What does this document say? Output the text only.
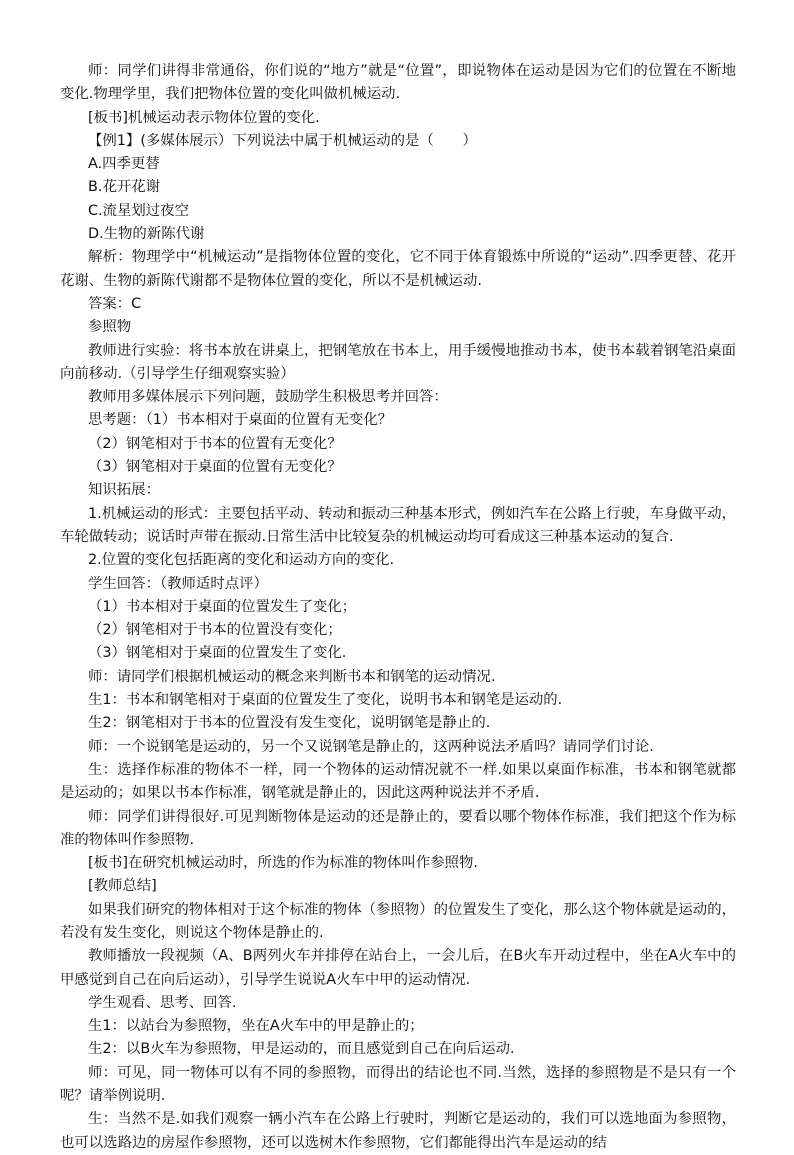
师：同学们讲得非常通俗，你们说的“地方”就是“位置”，即说物体在运动是因为它们的位置在不断地变化.物理学里，我们把物体位置的变化叫做机械运动.

[板书]机械运动表示物体位置的变化.

【例1】(多媒体展示）下列说法中属于机械运动的是（　　）

A.四季更替

B.花开花谢

C.流星划过夜空

D.生物的新陈代谢

解析：物理学中“机械运动”是指物体位置的变化，它不同于体育锻炼中所说的“运动”.四季更替、花开花谢、生物的新陈代谢都不是物体位置的变化，所以不是机械运动.

答案：C

参照物

教师进行实验：将书本放在讲桌上，把钢笔放在书本上，用手缓慢地推动书本，使书本载着钢笔沿桌面向前移动.（引导学生仔细观察实验）

教师用多媒体展示下列问题，鼓励学生积极思考并回答：

思考题：（1）书本相对于桌面的位置有无变化？

（2）钢笔相对于书本的位置有无变化？

（3）钢笔相对于桌面的位置有无变化？

知识拓展：

1.机械运动的形式：主要包括平动、转动和振动三种基本形式，例如汽车在公路上行驶，车身做平动，车轮做转动；说话时声带在振动.日常生活中比较复杂的机械运动均可看成这三种基本运动的复合.

2.位置的变化包括距离的变化和运动方向的变化.

学生回答：（教师适时点评）

（1）书本相对于桌面的位置发生了变化；

（2）钢笔相对于书本的位置没有变化；

（3）钢笔相对于桌面的位置发生了变化.

师：请同学们根据机械运动的概念来判断书本和钢笔的运动情况.

生1：书本和钢笔相对于桌面的位置发生了变化，说明书本和钢笔是运动的.

生2：钢笔相对于书本的位置没有发生变化，说明钢笔是静止的.

师：一个说钢笔是运动的，另一个又说钢笔是静止的，这两种说法矛盾吗？请同学们讨论.

生：选择作标准的物体不一样，同一个物体的运动情况就不一样.如果以桌面作标准，书本和钢笔就都是运动的；如果以书本作标准，钢笔就是静止的，因此这两种说法并不矛盾.

师：同学们讲得很好.可见判断物体是运动的还是静止的，要看以哪个物体作标准，我们把这个作为标准的物体叫作参照物.

[板书]在研究机械运动时，所选的作为标准的物体叫作参照物.

[教师总结]

如果我们研究的物体相对于这个标准的物体（参照物）的位置发生了变化，那么这个物体就是运动的，若没有发生变化，则说这个物体是静止的.

教师播放一段视频（A、B两列火车并排停在站台上，一会儿后，在B火车开动过程中，坐在A火车中的甲感觉到自己在向后运动），引导学生说说A火车中甲的运动情况.

学生观看、思考、回答.

生1：以站台为参照物，坐在A火车中的甲是静止的；

生2：以B火车为参照物，甲是运动的，而且感觉到自己在向后运动.

师：可见，同一物体可以有不同的参照物，而得出的结论也不同.当然，选择的参照物是不是只有一个呢？请举例说明.

生：当然不是.如我们观察一辆小汽车在公路上行驶时，判断它是运动的，我们可以选地面为参照物，也可以选路边的房屋作参照物，还可以选树木作参照物，它们都能得出汽车是运动的结
